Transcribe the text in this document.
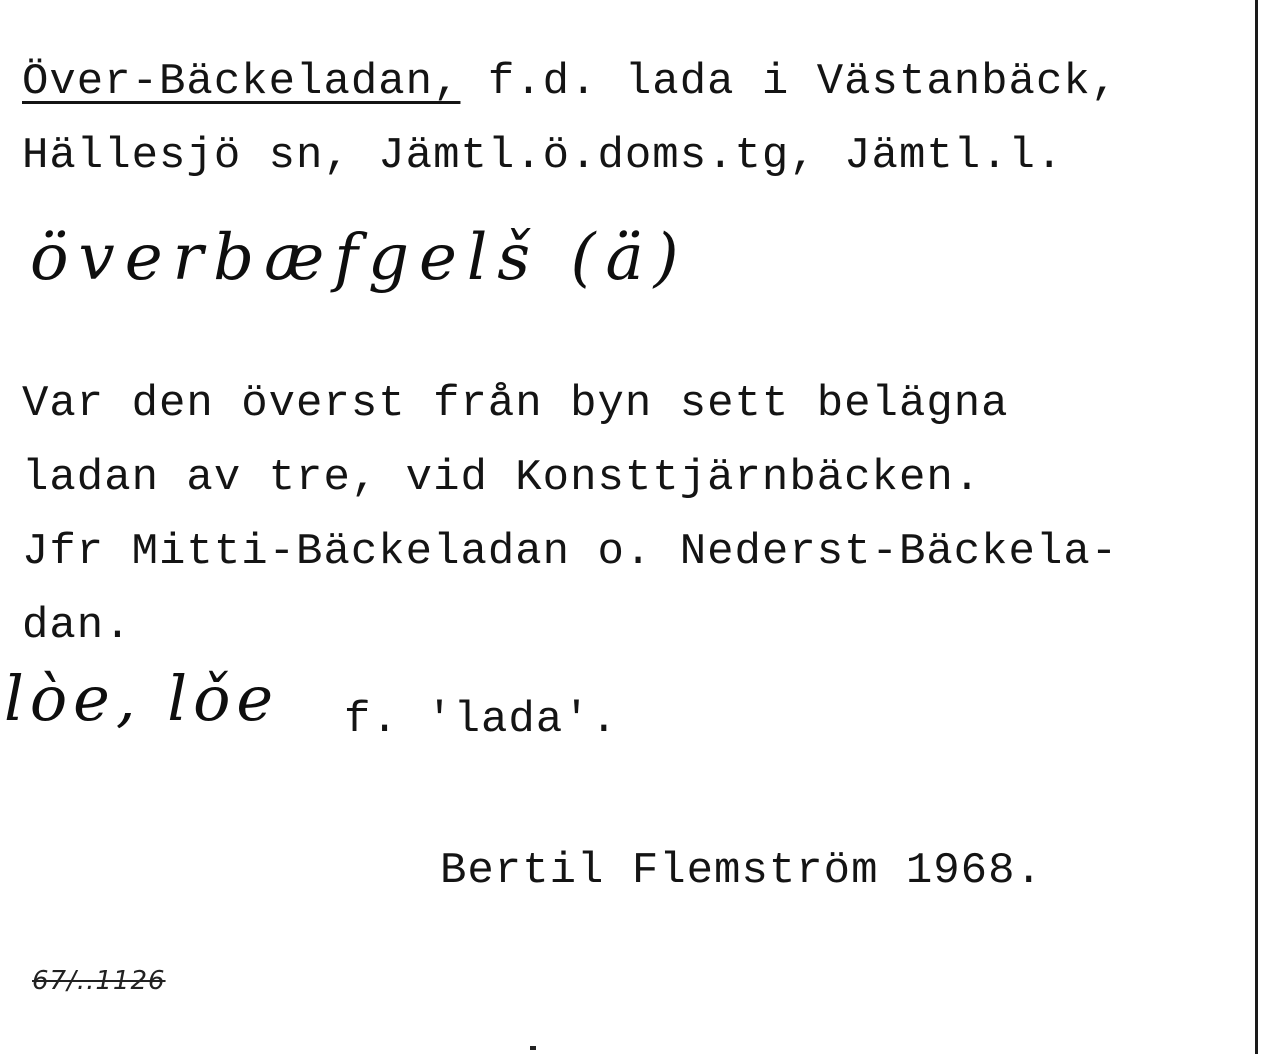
Över-Bäckeladan, f.d. lada i Västanbäck,
Hällesjö sn, Jämtl.ö.doms.tg, Jämtl.l.
överbæfgelš (ä)
Var den överst från byn sett belägna
ladan av tre, vid Konsttjärnbäcken.
Jfr Mitti-Bäckeladan o. Nederst-Bäckela-
dan.
lòe, lǒe f. 'lada'.
Bertil Flemström 1968.
67/..1126
